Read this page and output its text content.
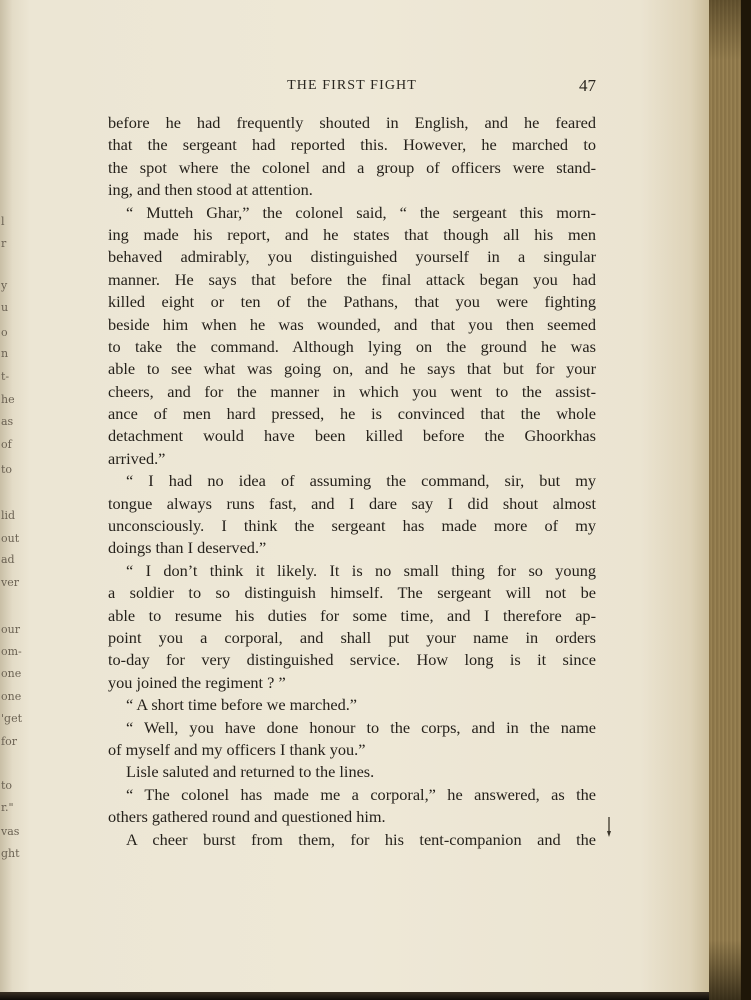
l
r
y
u
o
n
t-
he
as
of
to
lid
out
ad
ver
our
om-
one
one
'get
for
to
r."
vas
ght
THE FIRST FIGHT	47
before he had frequently shouted in English, and he feared
that the sergeant had reported this. However, he marched to
the spot where the colonel and a group of officers were stand-
ing, and then stood at attention.
“ Mutteh Ghar,” the colonel said, “ the sergeant this morn-
ing made his report, and he states that though all his men
behaved admirably, you distinguished yourself in a singular
manner. He says that before the final attack began you had
killed eight or ten of the Pathans, that you were fighting
beside him when he was wounded, and that you then seemed
to take the command. Although lying on the ground he was
able to see what was going on, and he says that but for your
cheers, and for the manner in which you went to the assist-
ance of men hard pressed, he is convinced that the whole
detachment would have been killed before the Ghoorkhas
arrived.”
“ I had no idea of assuming the command, sir, but my
tongue always runs fast, and I dare say I did shout almost
unconsciously. I think the sergeant has made more of my
doings than I deserved.”
“ I don’t think it likely. It is no small thing for so young
a soldier to so distinguish himself. The sergeant will not be
able to resume his duties for some time, and I therefore ap-
point you a corporal, and shall put your name in orders
to-day for very distinguished service. How long is it since
you joined the regiment ? ”
“ A short time before we marched.”
“ Well, you have done honour to the corps, and in the name
of myself and my officers I thank you.”
Lisle saluted and returned to the lines.
“ The colonel has made me a corporal,” he answered, as the
others gathered round and questioned him.
A cheer burst from them, for his tent-companion and the
